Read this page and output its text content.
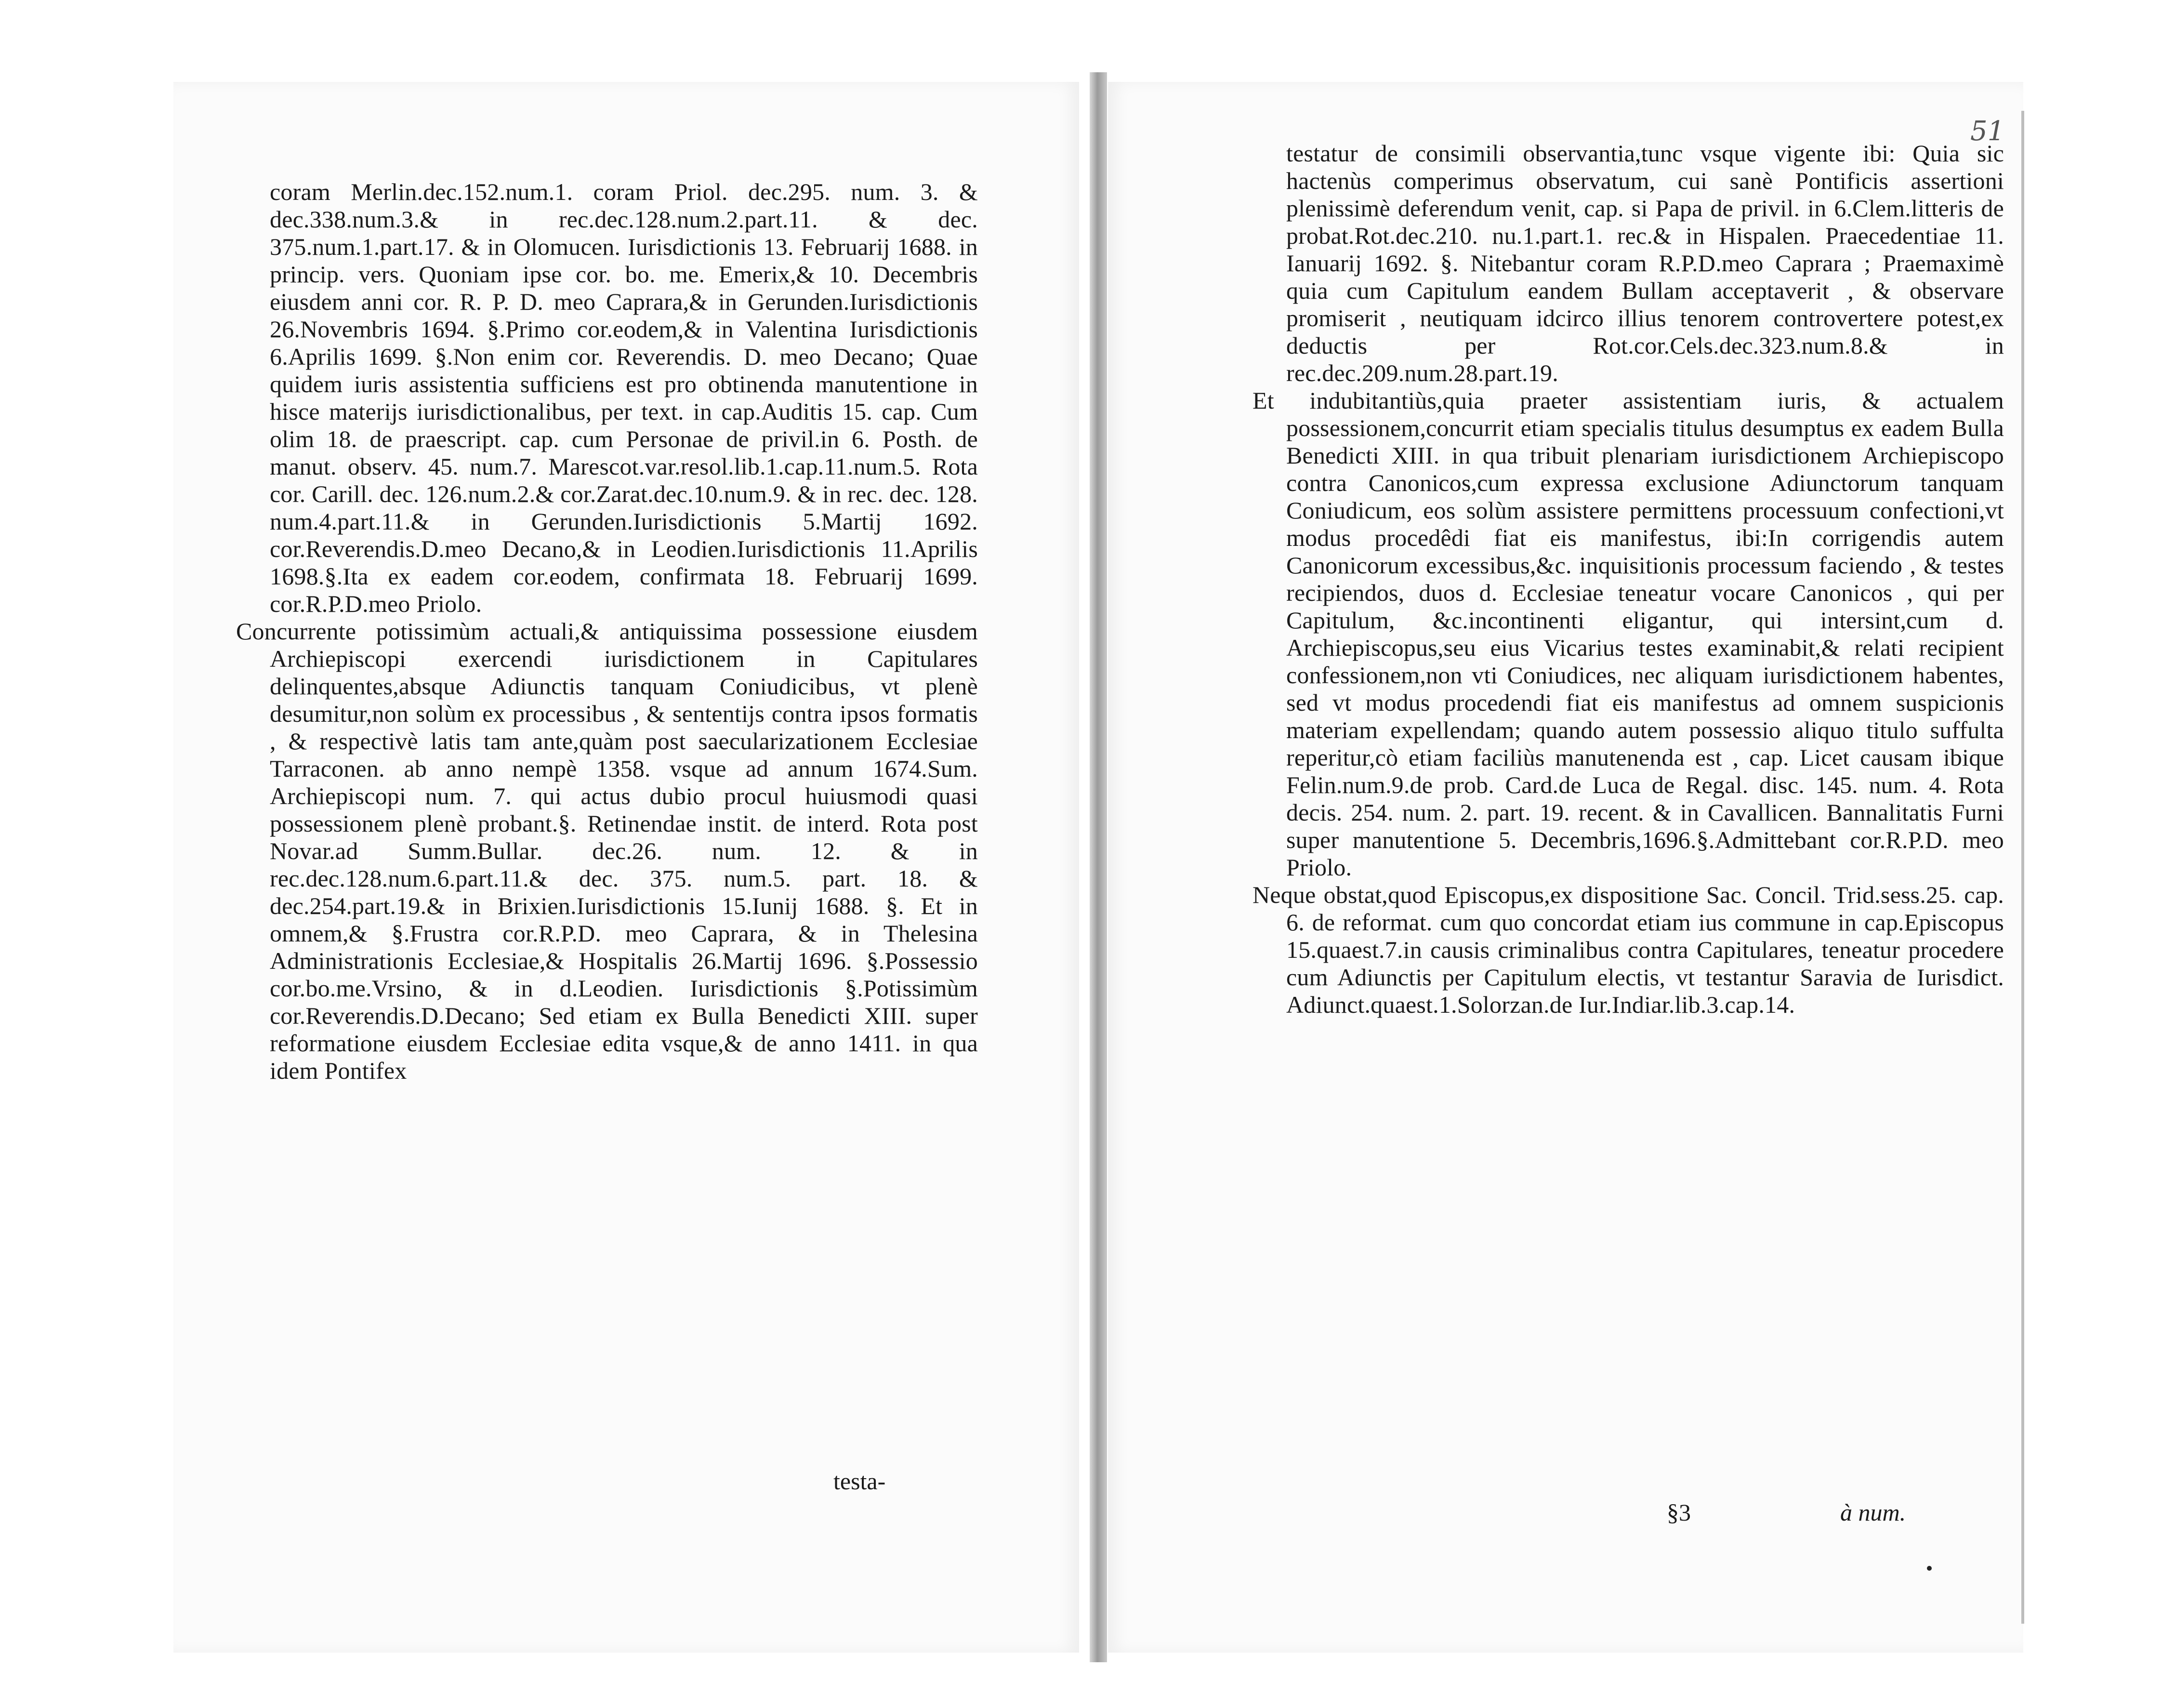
coram Merlin.dec.152.num.1. coram Priol. dec.295. num. 3. & dec.338.num.3.& in rec.dec.128.num.2.part.11. & dec. 375.num.1.part.17. & in Olomucen. Iurisdictionis 13. Februarij 1688. in princip. vers. Quoniam ipse cor. bo. me. Emerix,& 10. Decembris eiusdem anni cor. R. P. D. meo Caprara,& in Gerunden.Iurisdictionis 26.Novembris 1694. §.Primo cor.eodem,& in Valentina Iurisdictionis 6.Aprilis 1699. §.Non enim cor. Reverendis. D. meo Decano; Quae quidem iuris assistentia sufficiens est pro obtinenda manutentione in hisce materijs iurisdictionalibus, per text. in cap.Auditis 15. cap. Cum olim 18. de praescript. cap. cum Personae de privil.in 6. Posth. de manut. observ. 45. num.7. Marescot.var.resol.lib.1.cap.11.num.5. Rota cor. Carill. dec. 126.num.2.& cor.Zarat.dec.10.num.9. & in rec. dec. 128. num.4.part.11.& in Gerunden.Iurisdictionis 5.Martij 1692. cor.Reverendis.D.meo Decano,& in Leodien.Iurisdictionis 11.Aprilis 1698.§.Ita ex eadem cor.eodem, confirmata 18. Februarij 1699. cor.R.P.D.meo Priolo.

Concurrente potissimùm actuali,& antiquissima possessione eiusdem Archiepiscopi exercendi iurisdictionem in Capitulares delinquentes,absque Adiunctis tanquam Coniudicibus, vt plenè desumitur,non solùm ex processibus , & sententijs contra ipsos formatis , & respectivè latis tam ante,quàm post saecularizationem Ecclesiae Tarraconen. ab anno nempè 1358. vsque ad annum 1674.Sum. Archiepiscopi num. 7. qui actus dubio procul huiusmodi quasi possessionem plenè probant.§. Retinendae instit. de interd. Rota post Novar.ad Summ.Bullar. dec.26. num. 12. & in rec.dec.128.num.6.part.11.& dec. 375. num.5. part. 18. & dec.254.part.19.& in Brixien.Iurisdictionis 15.Iunij 1688. §. Et in omnem,& §.Frustra cor.R.P.D. meo Caprara, & in Thelesina Administrationis Ecclesiae,& Hospitalis 26.Martij 1696. §.Possessio cor.bo.me.Vrsino, & in d.Leodien. Iurisdictionis §.Potissimùm cor.Reverendis.D.Decano; Sed etiam ex Bulla Benedicti XIII. super reformatione eiusdem Ecclesiae edita vsque,& de anno 1411. in qua idem Pontifex

testa-
51

testatur de consimili observantia,tunc vsque vigente ibi: Quia sic hactenùs comperimus observatum, cui sanè Pontificis assertioni plenissimè deferendum venit, cap. si Papa de privil. in 6.Clem.litteris de probat.Rot.dec.210. nu.1.part.1. rec.& in Hispalen. Praecedentiae 11. Ianuarij 1692. §. Nitebantur coram R.P.D.meo Caprara ; Praemaximè quia cum Capitulum eandem Bullam acceptaverit , & observare promiserit , neutiquam idcirco illius tenorem controvertere potest,ex deductis per Rot.cor.Cels.dec.323.num.8.& in rec.dec.209.num.28.part.19.

Et indubitantiùs,quia praeter assistentiam iuris, & actualem possessionem,concurrit etiam specialis titulus desumptus ex eadem Bulla Benedicti XIII. in qua tribuit plenariam iurisdictionem Archiepiscopo contra Canonicos,cum expressa exclusione Adiunctorum tanquam Coniudicum, eos solùm assistere permittens processuum confectioni,vt modus procedêdi fiat eis manifestus, ibi:In corrigendis autem Canonicorum excessibus,&c. inquisitionis processum faciendo , & testes recipiendos, duos d. Ecclesiae teneatur vocare Canonicos , qui per Capitulum, &c.incontinenti eligantur, qui intersint,cum d. Archiepiscopus,seu eius Vicarius testes examinabit,& relati recipient confessionem,non vti Coniudices, nec aliquam iurisdictionem habentes, sed vt modus procedendi fiat eis manifestus ad omnem suspicionis materiam expellendam; quando autem possessio aliquo titulo suffulta reperitur,cò etiam faciliùs manutenenda est , cap. Licet causam ibique Felin.num.9.de prob. Card.de Luca de Regal. disc. 145. num. 4. Rota decis. 254. num. 2. part. 19. recent. & in Cavallicen. Bannalitatis Furni super manutentione 5. Decembris,1696.§.Admittebant cor.R.P.D. meo Priolo.

Neque obstat,quod Episcopus,ex dispositione Sac. Concil. Trid.sess.25. cap. 6. de reformat. cum quo concordat etiam ius commune in cap.Episcopus 15.quaest.7.in causis criminalibus contra Capitulares, teneatur procedere cum Adiunctis per Capitulum electis, vt testantur Saravia de Iurisdict. Adiunct.quaest.1.Solorzan.de Iur.Indiar.lib.3.cap.14.

§3	à num.
